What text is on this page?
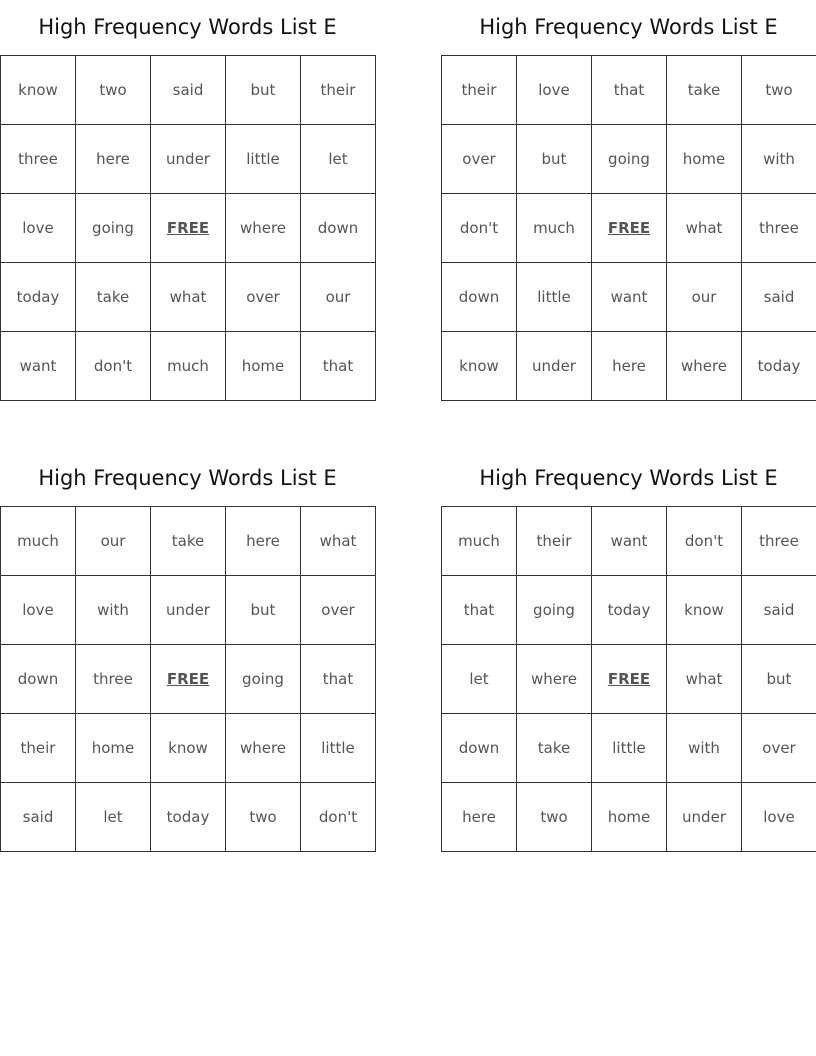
High Frequency Words List E
know	two	said	but	their
three	here	under	little	let
love	going	FREE	where	down
today	take	what	over	our
want	don't	much	home	that
High Frequency Words List E
their	love	that	take	two
over	but	going	home	with
don't	much	FREE	what	three
down	little	want	our	said
know	under	here	where	today
High Frequency Words List E
much	our	take	here	what
love	with	under	but	over
down	three	FREE	going	that
their	home	know	where	little
said	let	today	two	don't
High Frequency Words List E
much	their	want	don't	three
that	going	today	know	said
let	where	FREE	what	but
down	take	little	with	over
here	two	home	under	love
